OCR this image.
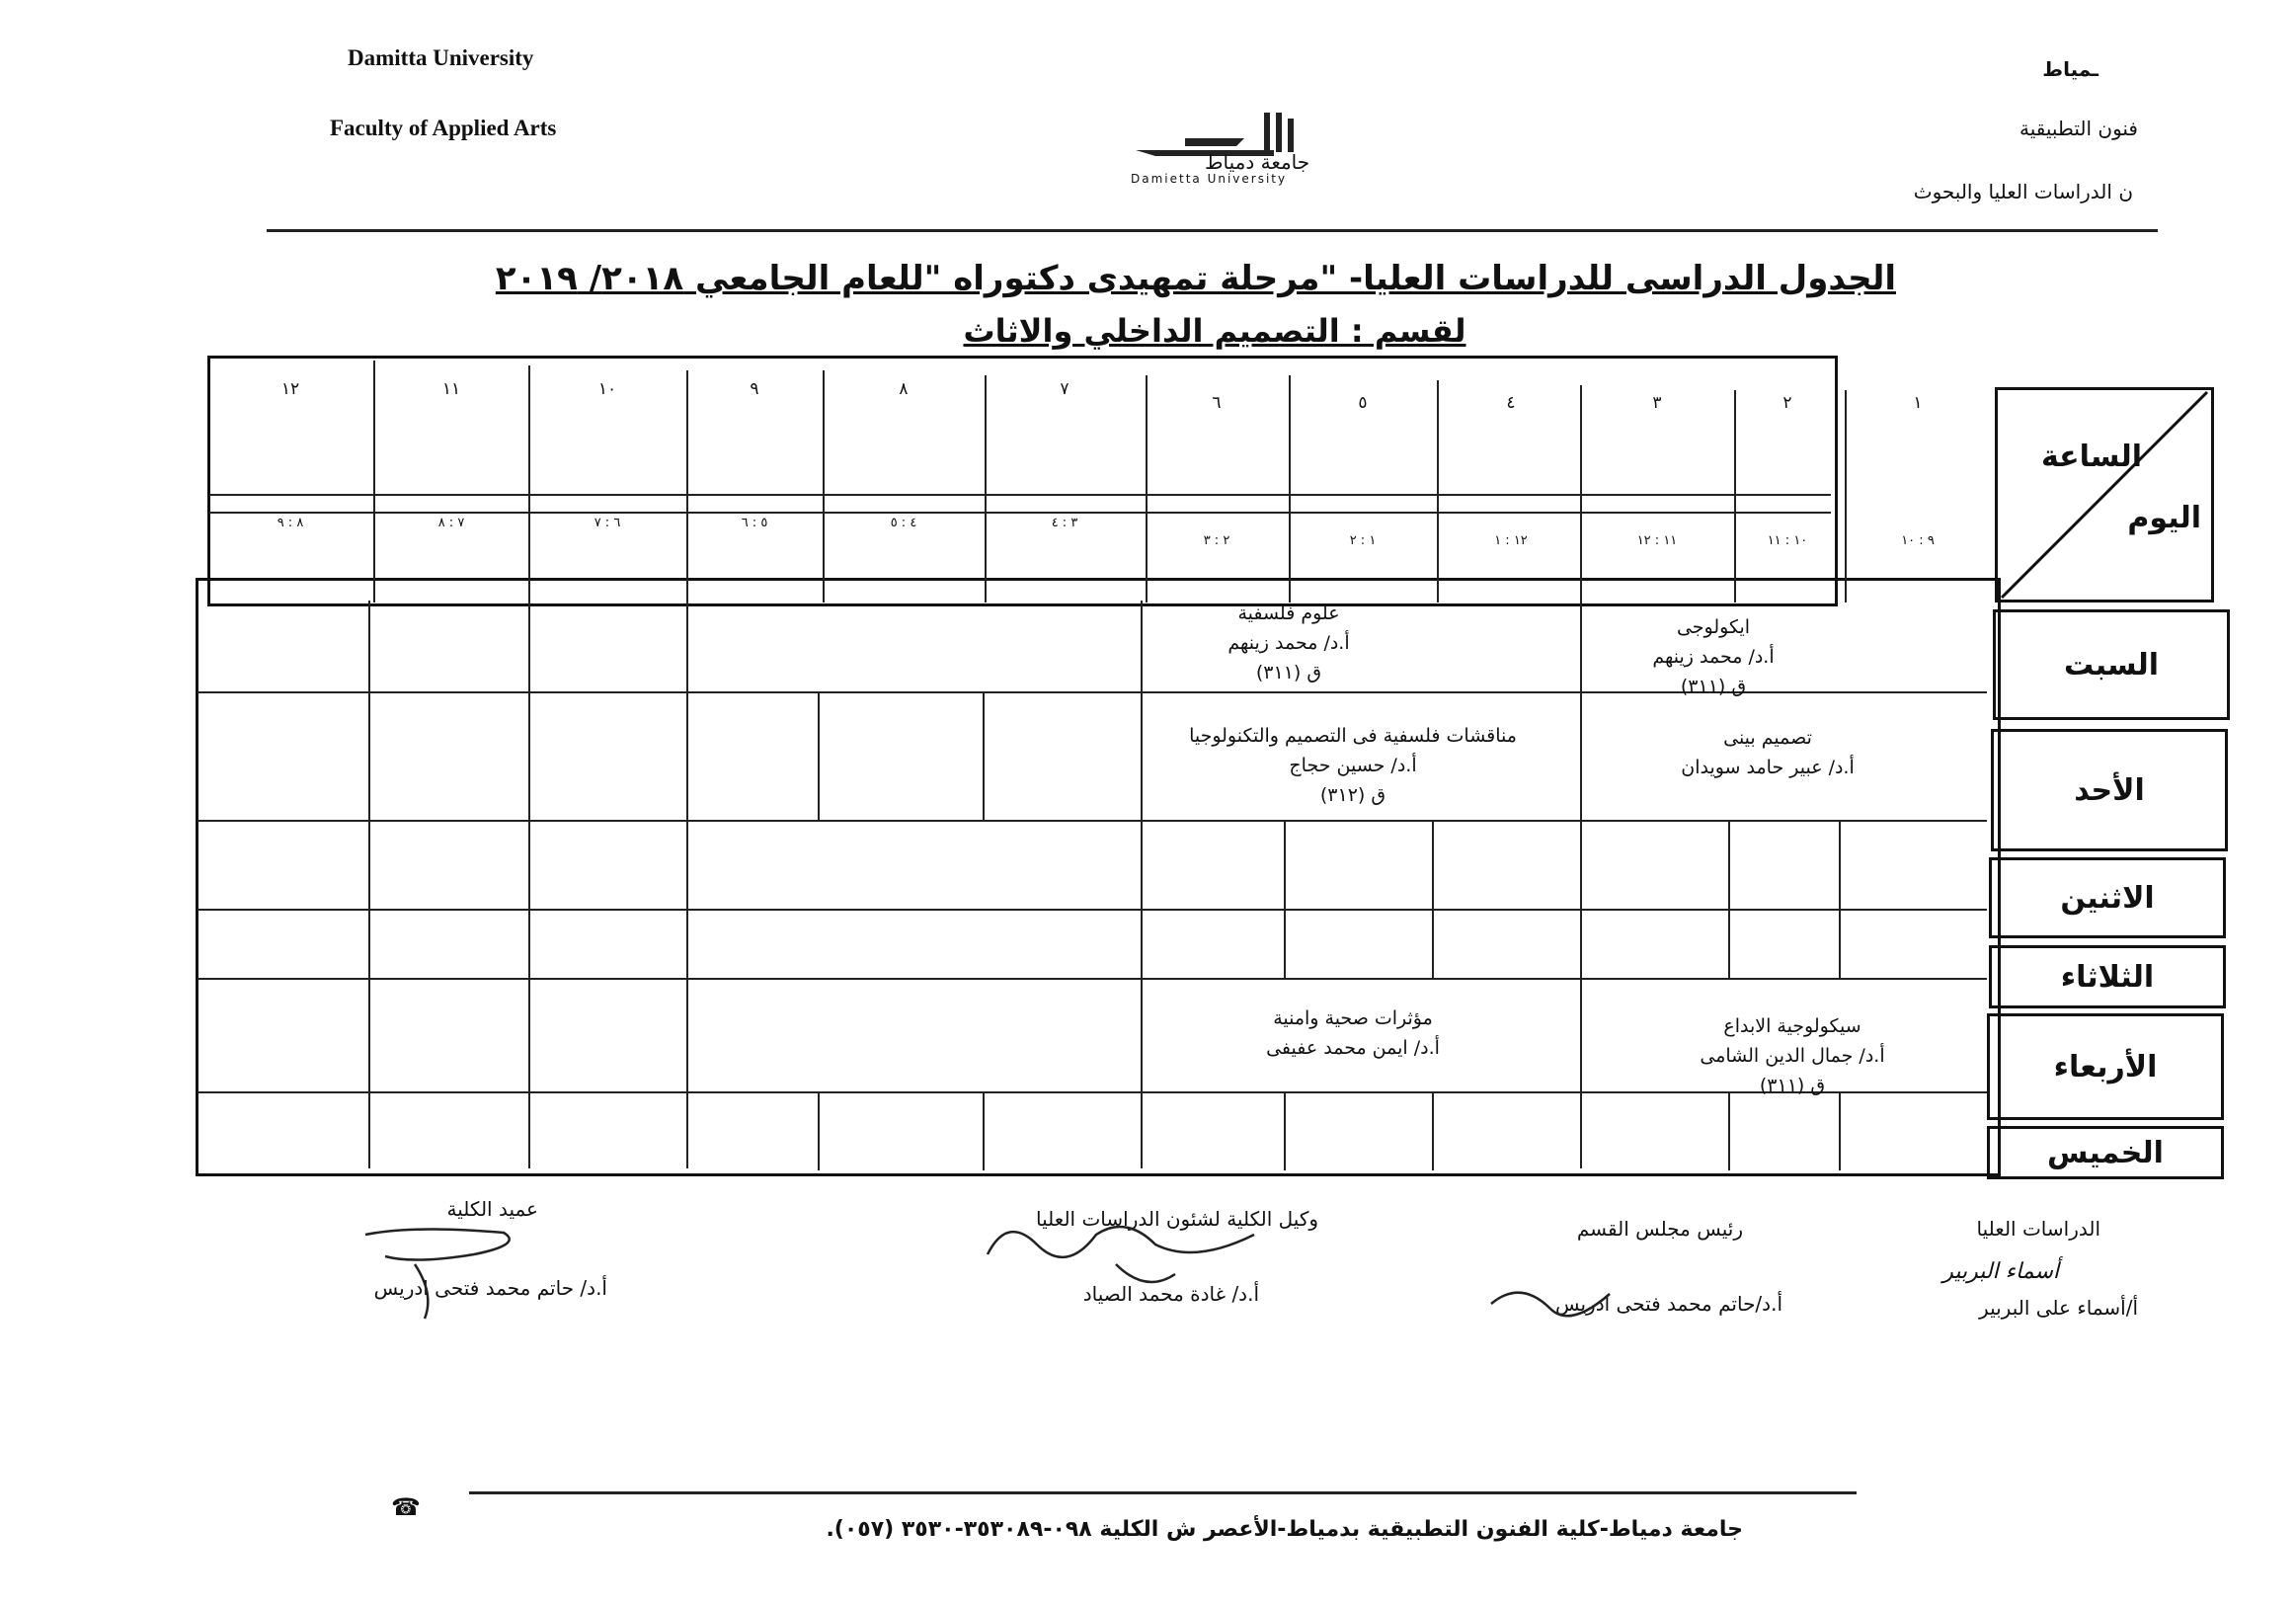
Damitta University
Faculty of Applied Arts
جامعة دمياط
Damietta University
ـمياط
فنون التطبيقية
ن الدراسات العليا والبحوث
الجدول الدراسى للدراسات العليا- "مرحلة تمهيدى دكتوراه "للعام الجامعي ٢٠١٨/ ٢٠١٩
لقسم : التصميم الداخلي والاثاث
١
٩ : ١٠
٢
١٠ : ١١
٣
١١ : ١٢
٤
١٢ : ١
٥
١ : ٢
٦
٢ : ٣
٧
٣ : ٤
٨
٤ : ٥
٩
٥ : ٦
١٠
٦ : ٧
١١
٧ : ٨
١٢
٨ : ٩
الساعة
اليوم
السبت
الأحد
الاثنين
الثلاثاء
الأربعاء
الخميس
ايكولوجى
أ.د/ محمد زينهم
ق (٣١١)
علوم فلسفية
أ.د/ محمد زينهم
ق (٣١١)
تصميم بينى
أ.د/ عبير حامد سويدان
مناقشات فلسفية فى التصميم والتكنولوجيا
أ.د/ حسين حجاج
ق (٣١٢)
سيكولوجية الابداع
أ.د/ جمال الدين الشامى
ق (٣١١)
مؤثرات صحية وامنية
أ.د/ ايمن محمد عفيفى
الدراسات العليا
أسماء البربير
أ/أسماء على البربير
رئيس مجلس القسم
أ.د/حاتم محمد فتحى ادريس
وكيل الكلية لشئون الدراسات العليا
أ.د/ غادة محمد الصياد
عميد الكلية
أ.د/ حاتم محمد فتحى ادريس
☎
جامعة دمياط-كلية الفنون التطبيقية بدمياط-الأعصر ش الكلية ٠٩٨-٣٥٣٠٨٩-٣٥٣٠ (٠٥٧).
